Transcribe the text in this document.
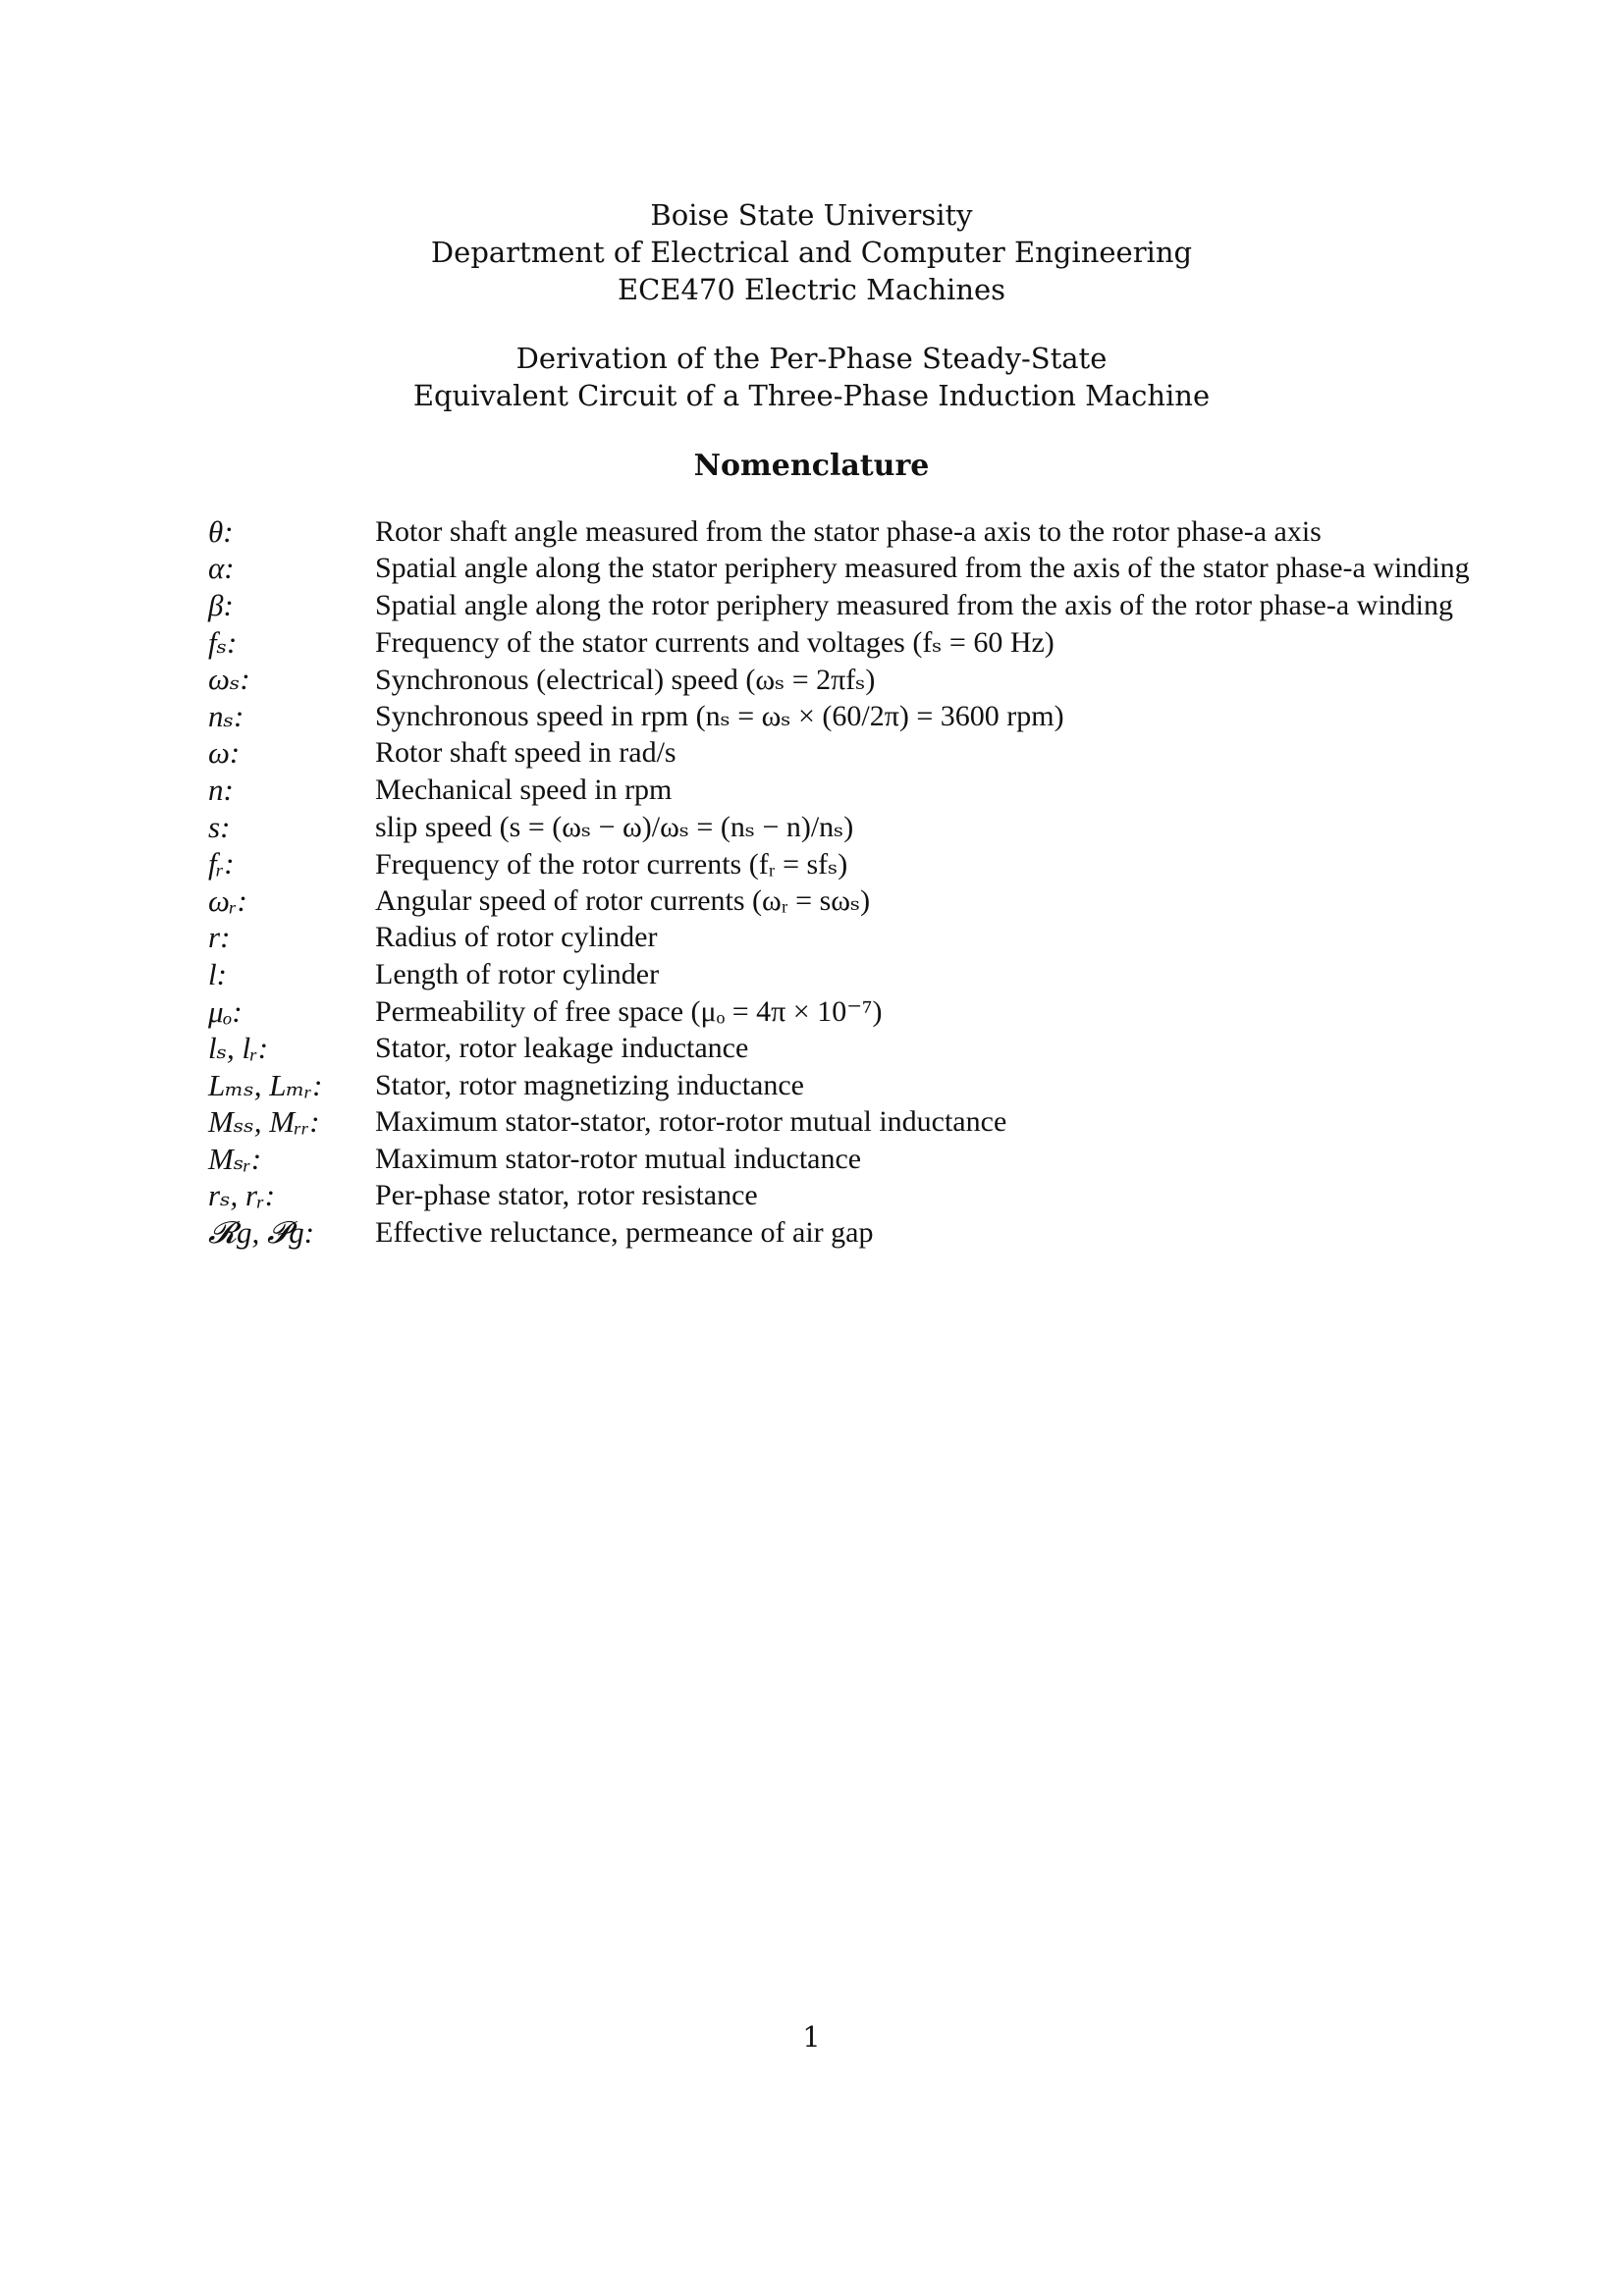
Boise State University
Department of Electrical and Computer Engineering
ECE470 Electric Machines
Derivation of the Per-Phase Steady-State
Equivalent Circuit of a Three-Phase Induction Machine
Nomenclature
θ:	Rotor shaft angle measured from the stator phase-a axis to the rotor phase-a axis
α:	Spatial angle along the stator periphery measured from the axis of the stator phase-a winding
β:	Spatial angle along the rotor periphery measured from the axis of the rotor phase-a winding
fₛ:	Frequency of the stator currents and voltages (fₛ = 60 Hz)
ωₛ:	Synchronous (electrical) speed (ωₛ = 2πfₛ)
nₛ:	Synchronous speed in rpm (nₛ = ωₛ × (60/2π) = 3600 rpm)
ω:	Rotor shaft speed in rad/s
n:	Mechanical speed in rpm
s:	slip speed (s = (ωₛ − ω)/ωₛ = (nₛ − n)/nₛ)
fᵣ:	Frequency of the rotor currents (fᵣ = sfₛ)
ωᵣ:	Angular speed of rotor currents (ωᵣ = sωₛ)
r:	Radius of rotor cylinder
l:	Length of rotor cylinder
μₒ:	Permeability of free space (μₒ = 4π × 10⁻⁷)
lₛ, lᵣ:	Stator, rotor leakage inductance
Lₘₛ, Lₘᵣ:	Stator, rotor magnetizing inductance
Mₛₛ, Mᵣᵣ:	Maximum stator-stator, rotor-rotor mutual inductance
Mₛᵣ:	Maximum stator-rotor mutual inductance
rₛ, rᵣ:	Per-phase stator, rotor resistance
𝓡g, 𝓟g:	Effective reluctance, permeance of air gap
1
